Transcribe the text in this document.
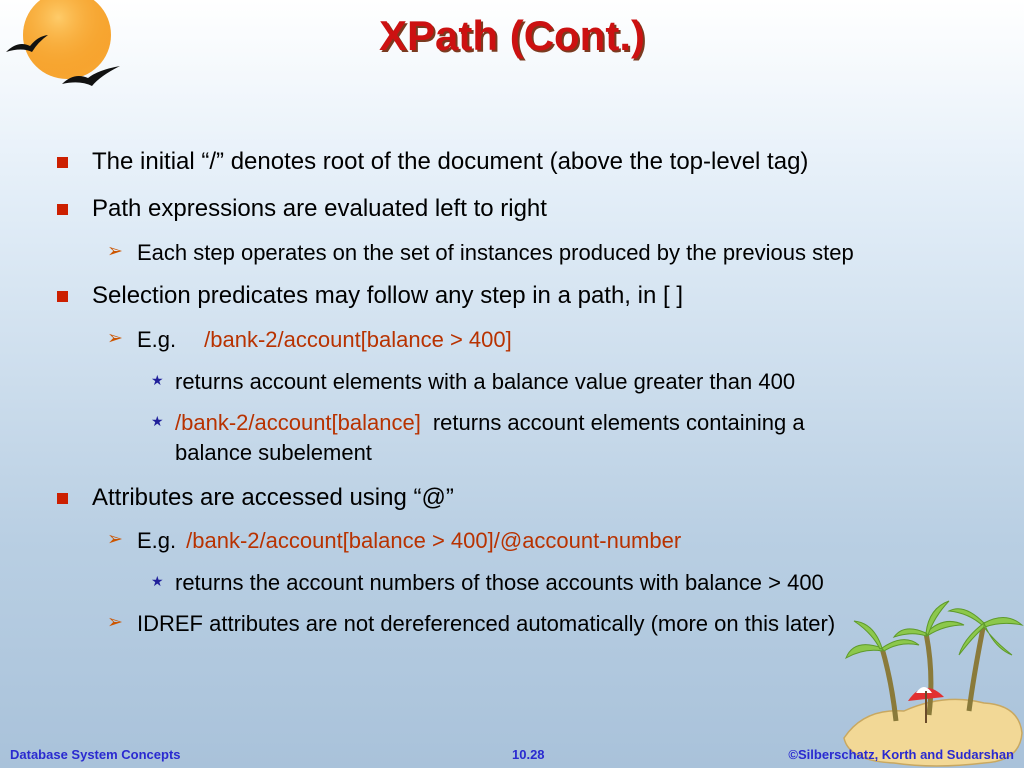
XPath (Cont.)
The initial “/” denotes root of the document (above the top-level tag)
Path expressions are evaluated left to right
➢ Each step operates on the set of instances produced by the previous step
Selection predicates may follow any step in a path, in [ ]
➢ E.g. /bank-2/account[balance > 400]
★ returns account elements with a balance value greater than 400
★ /bank-2/account[balance] returns account elements containing a
balance subelement
Attributes are accessed using “@”
➢ E.g. /bank-2/account[balance > 400]/@account-number
★ returns the account numbers of those accounts with balance > 400
➢ IDREF attributes are not dereferenced automatically (more on this later)
Database System Concepts	10.28	©Silberschatz, Korth and Sudarshan
